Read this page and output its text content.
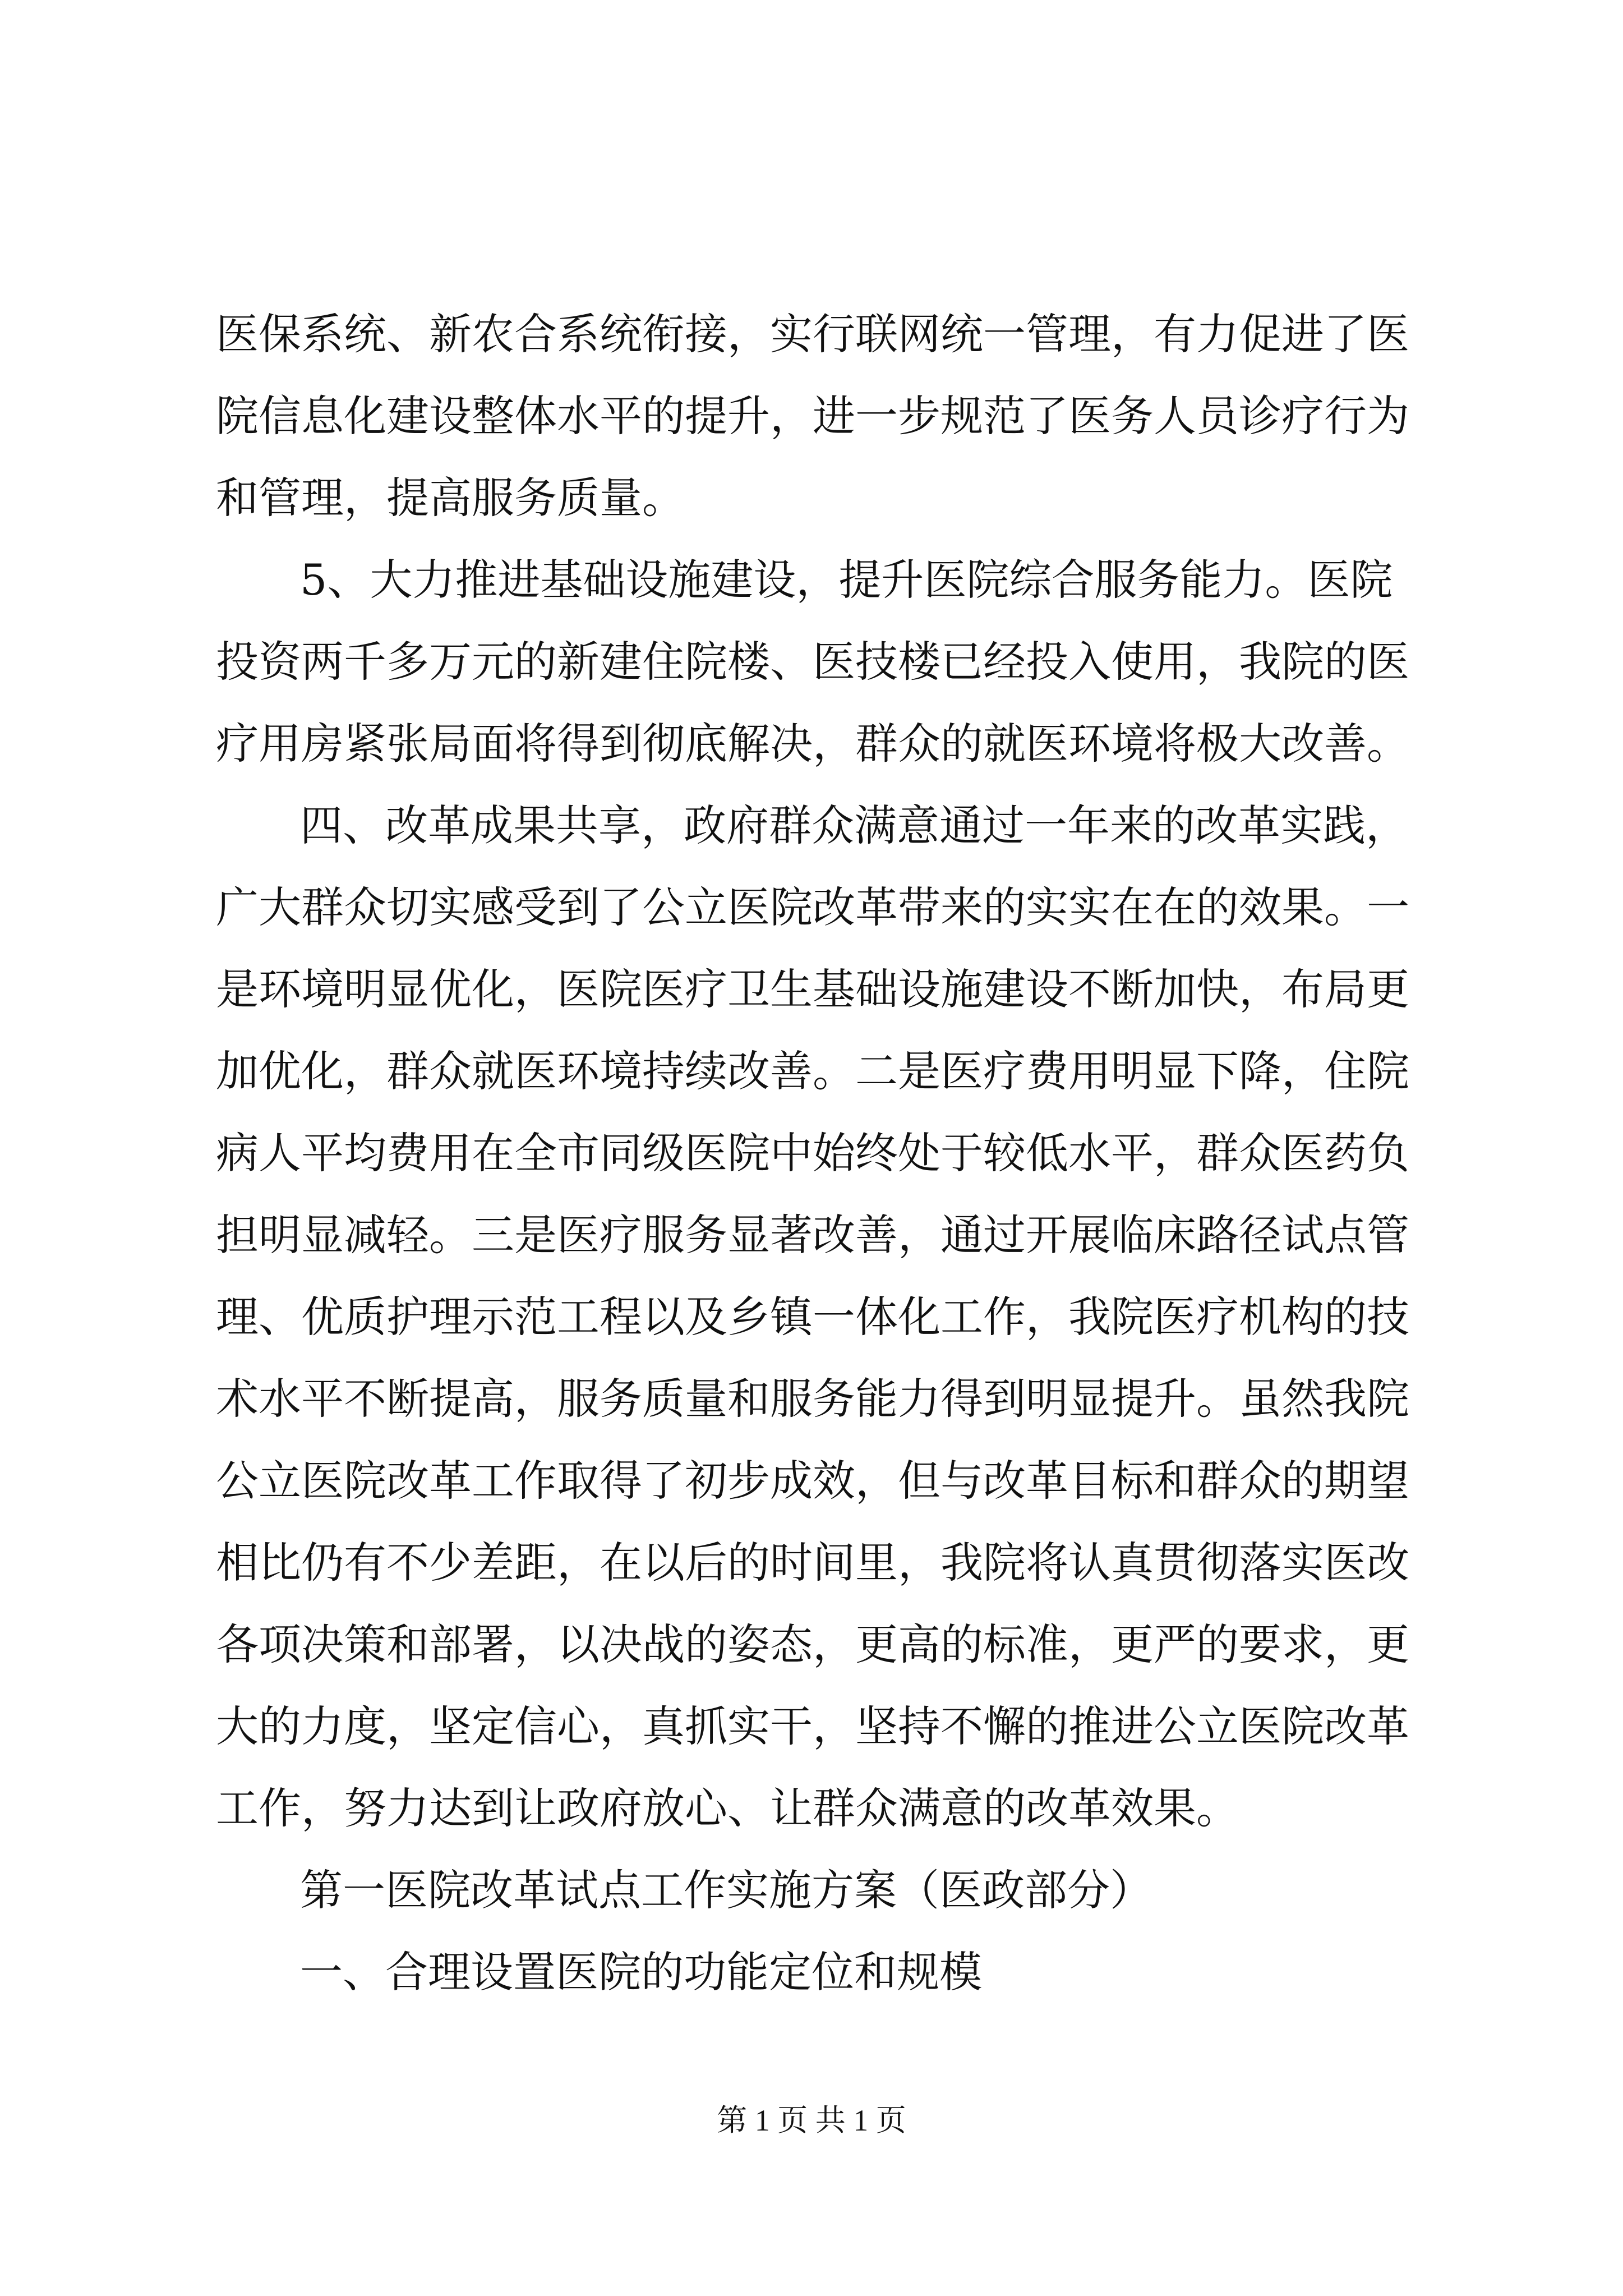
医保系统、新农合系统衔接，实行联网统一管理，有力促进了医
院信息化建设整体水平的提升，进一步规范了医务人员诊疗行为
和管理，提高服务质量。
5、大力推进基础设施建设，提升医院综合服务能力。医院
投资两千多万元的新建住院楼、医技楼已经投入使用，我院的医
疗用房紧张局面将得到彻底解决，群众的就医环境将极大改善。
四、改革成果共享，政府群众满意通过一年来的改革实践，
广大群众切实感受到了公立医院改革带来的实实在在的效果。一
是环境明显优化，医院医疗卫生基础设施建设不断加快，布局更
加优化，群众就医环境持续改善。二是医疗费用明显下降，住院
病人平均费用在全市同级医院中始终处于较低水平，群众医药负
担明显减轻。三是医疗服务显著改善，通过开展临床路径试点管
理、优质护理示范工程以及乡镇一体化工作，我院医疗机构的技
术水平不断提高，服务质量和服务能力得到明显提升。虽然我院
公立医院改革工作取得了初步成效，但与改革目标和群众的期望
相比仍有不少差距，在以后的时间里，我院将认真贯彻落实医改
各项决策和部署，以决战的姿态，更高的标准，更严的要求，更
大的力度，坚定信心，真抓实干，坚持不懈的推进公立医院改革
工作，努力达到让政府放心、让群众满意的改革效果。
第一医院改革试点工作实施方案（医政部分）
一、合理设置医院的功能定位和规模
第 1 页 共 1 页
